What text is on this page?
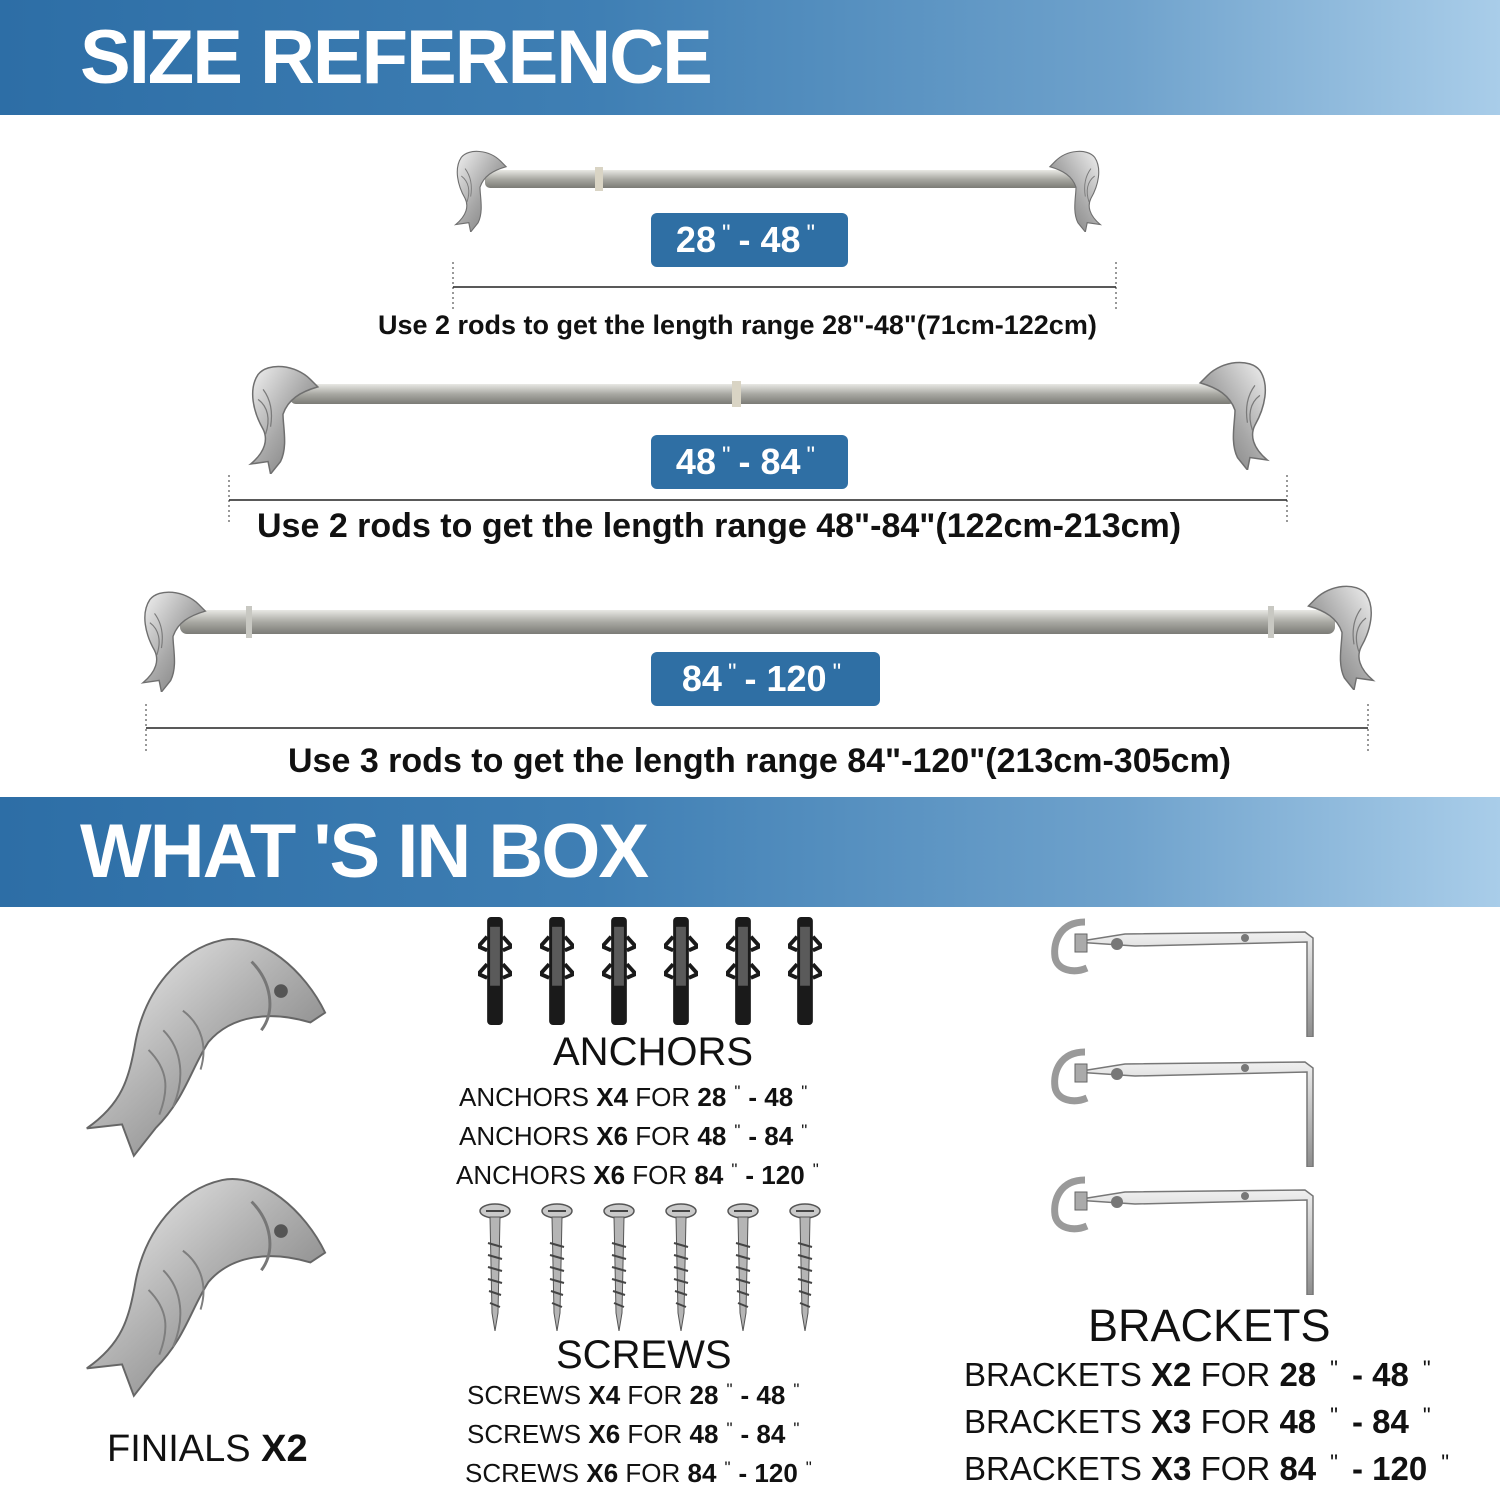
SIZE REFERENCE
28 " - 48 "
48 " - 84 "
84 " - 120 "
Use 2 rods to get the length range 28"-48"(71cm-122cm)
Use 2 rods to get the length range 48"-84"(122cm-213cm)
Use 3 rods to get the length range 84"-120"(213cm-305cm)
WHAT 'S IN BOX
FINIALS X2
ANCHORS
ANCHORS X4 FOR 28 " - 48 "
ANCHORS X6 FOR 48 " - 84 "
ANCHORS X6 FOR 84 " - 120 "
SCREWS
SCREWS X4 FOR 28 " - 48 "
SCREWS X6 FOR 48 " - 84 "
SCREWS X6 FOR 84 " - 120 "
BRACKETS
BRACKETS X2 FOR 28 " - 48 "
BRACKETS X3 FOR 48 " - 84 "
BRACKETS X3 FOR 84 " - 120 "
